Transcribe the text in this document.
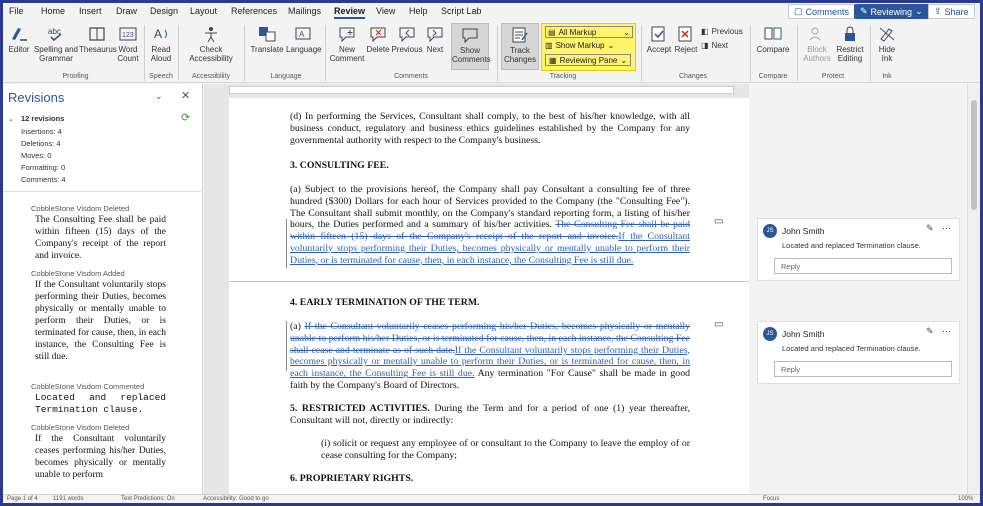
File Home Insert Draw Design Layout References Mailings Review View Help Script Lab	▢ Comments ✎ Reviewing ⌄ ⇪ Share
Editor
abc
Spelling and
Grammar
Thesaurus
123
Word
Count
Proofing
A
Read
Aloud
Speech
Check
Accessibility
Accessibility
Translate
A
Language
Language
New
Comment
Delete Previous Next	Show
Comments
Comments
Track
Changes
▤ All Markup	⌄
▥ Show Markup ⌄
▦ Reviewing Pane ⌄
Tracking
Accept Reject
◧ Previous
◨ Next
Changes
Compare
Compare
Block
Authors
Restrict
Editing
Protect
Hide
Ink
Ink
Revisions	⌄ ✕
⌄ 12 revisions	⟳
Insertions: 4
Deletions: 4
Moves: 0
Formatting: 0
Comments: 4
CobbleStone Visdom Deleted
The Consulting Fee shall be paid within fifteen (15) days of the Company's receipt of the report and invoice.
CobbleStone Visdom Added
If the Consultant voluntarily stops performing their Duties, becomes physically or mentally unable to perform their Duties, or is terminated for cause, then, in each instance, the Consulting Fee is still due.
CobbleStone Visdom Commented
Located and replaced Termination clause.
CobbleStone Visdom Deleted
If the Consultant voluntarily ceases performing his/her Duties, becomes physically or mentally unable to perform
(d) In performing the Services, Consultant shall comply, to the best of his/her knowledge, with all business conduct, regulatory and business ethics guidelines established by the Company for any governmental authority with respect to the Company's business.
3. CONSULTING FEE.
(a) Subject to the provisions hereof, the Company shall pay Consultant a consulting fee of three hundred ($300) Dollars for each hour of Services provided to the Company (the "Consulting Fee"). The Consultant shall submit monthly, on the Company's standard reporting form, a listing of his/her hours, the Duties performed and a summary of his/her activities. The Consulting Fee shall be paid within fifteen (15) days of the Company's receipt of the report and invoice.If the Consultant voluntarily stops performing their Duties, becomes physically or mentally unable to perform their Duties, or is terminated for cause, then, in each instance, the Consulting Fee is still due.
4. EARLY TERMINATION OF THE TERM.
(a) If the Consultant voluntarily ceases performing his/her Duties, becomes physically or mentally unable to perform his/her Duties, or is terminated for cause, then, in each instance, the Consulting Fee shall cease and terminate as of such date.If the Consultant voluntarily stops performing their Duties, becomes physically or mentally unable to perform their Duties, or is terminated for cause, then, in each instance, the Consulting Fee is still due. Any termination "For Cause" shall be made in good faith by the Company's Board of Directors.
5. RESTRICTED ACTIVITIES. During the Term and for a period of one (1) year thereafter, Consultant will not, directly or indirectly:
(i) solicit or request any employee of or consultant to the Company to leave the employ of or cease consulting for the Company;
6. PROPRIETARY RIGHTS.
▭
▭
JS	John Smith	✎ ⋯
Located and replaced Termination clause.
Reply
JS	John Smith	✎ ⋯
Located and replaced Termination clause.
Reply
Page 1 of 4	1191 words	Text Predictions: On	Accessibility: Good to go	Focus	100%
